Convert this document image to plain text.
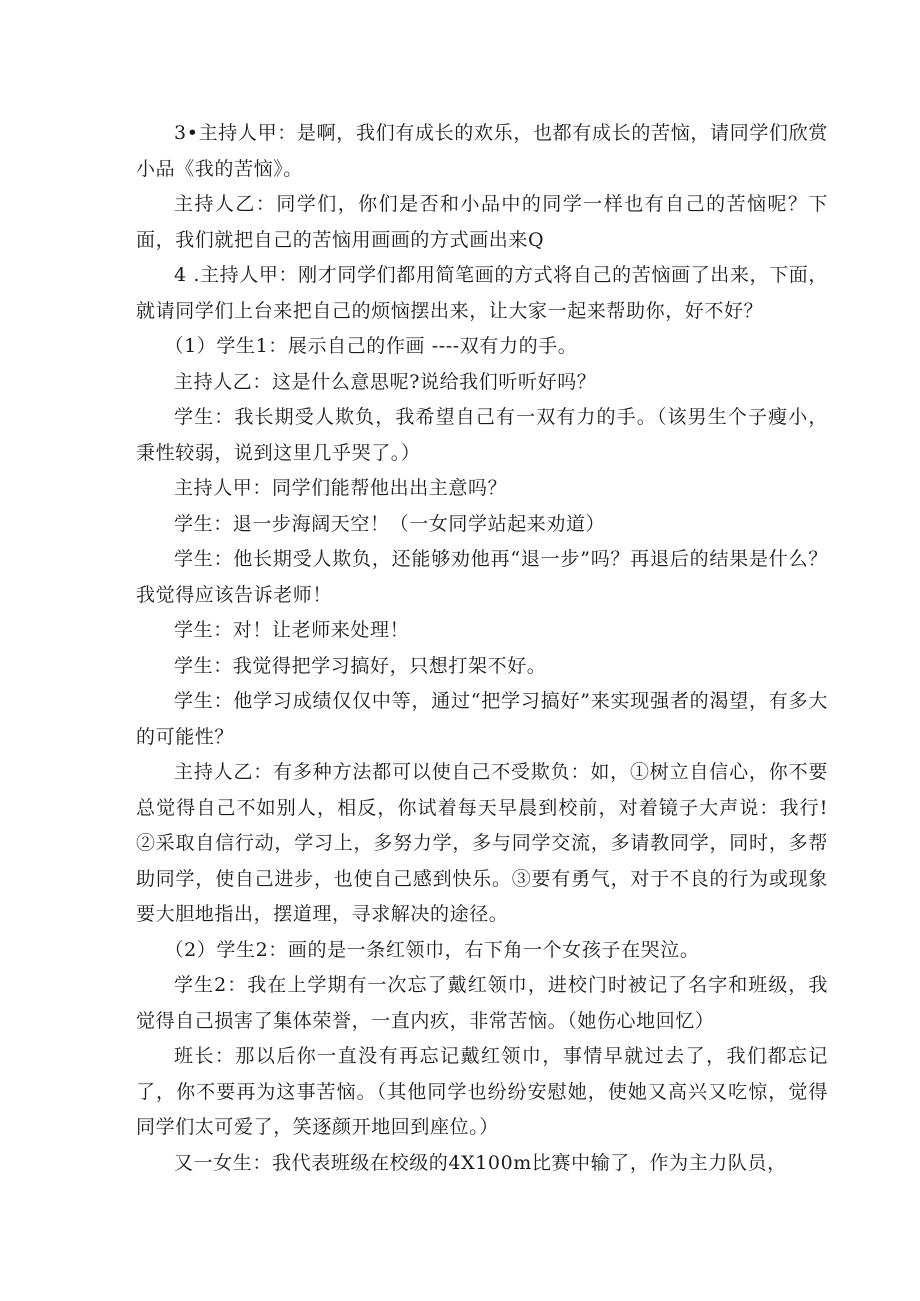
3•主持人甲：是啊，我们有成长的欢乐，也都有成长的苦恼，请同学们欣赏小品《我的苦恼》。

主持人乙：同学们，你们是否和小品中的同学一样也有自己的苦恼呢？下面，我们就把自己的苦恼用画画的方式画出来Q

4 .主持人甲：刚才同学们都用简笔画的方式将自己的苦恼画了出来，下面，就请同学们上台来把自己的烦恼摆出来，让大家一起来帮助你，好不好？

（1）学生1：展示自己的作画 ----双有力的手。

主持人乙：这是什么意思呢?说给我们听听好吗？

学生：我长期受人欺负，我希望自己有一双有力的手。（该男生个子瘦小，秉性较弱，说到这里几乎哭了。）

主持人甲：同学们能帮他出出主意吗？

学生：退一步海阔天空！（一女同学站起来劝道）

学生：他长期受人欺负，还能够劝他再“退一步”吗？再退后的结果是什么？我觉得应该告诉老师！

学生：对！让老师来处理！

学生：我觉得把学习搞好，只想打架不好。

学生：他学习成绩仅仅中等，通过“把学习搞好”来实现强者的渴望，有多大的可能性？

主持人乙：有多种方法都可以使自己不受欺负：如，①树立自信心，你不要总觉得自己不如别人，相反，你试着每天早晨到校前，对着镜子大声说：我行!②采取自信行动，学习上，多努力学，多与同学交流，多请教同学，同时，多帮助同学，使自己进步，也使自己感到快乐。③要有勇气，对于不良的行为或现象要大胆地指出，摆道理，寻求解决的途径。

（2）学生2：画的是一条红领巾，右下角一个女孩子在哭泣。

学生2：我在上学期有一次忘了戴红领巾，进校门时被记了名字和班级，我觉得自己损害了集体荣誉，一直内疚，非常苦恼。（她伤心地回忆）

班长：那以后你一直没有再忘记戴红领巾，事情早就过去了，我们都忘记了，你不要再为这事苦恼。（其他同学也纷纷安慰她，使她又高兴又吃惊，觉得同学们太可爱了，笑逐颜开地回到座位。）

又一女生：我代表班级在校级的4X100m比赛中输了，作为主力队员，
